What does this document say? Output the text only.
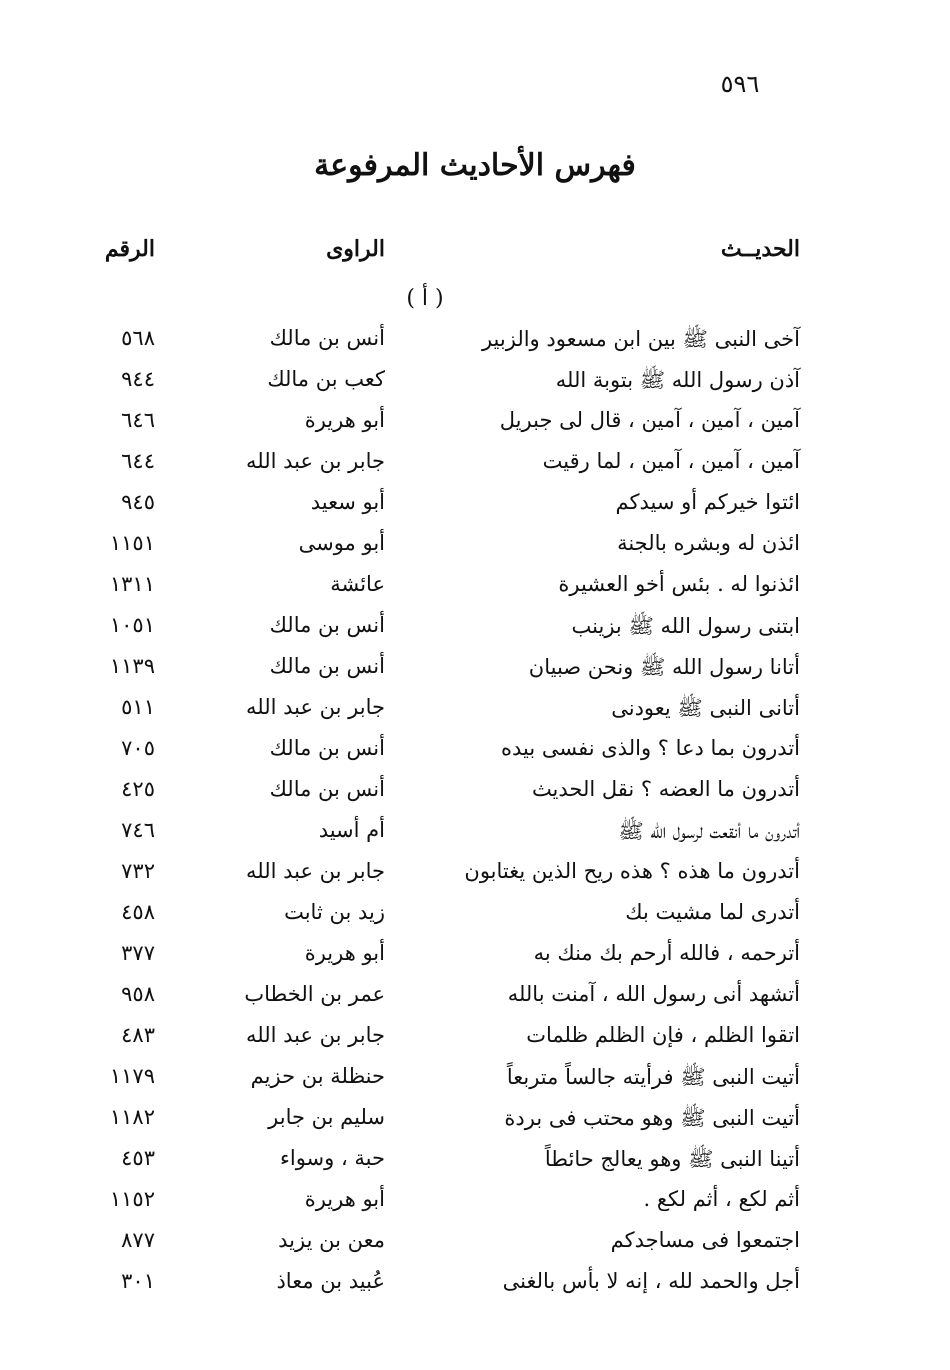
٥٩٦
فهرس الأحاديث المرفوعة
الحديــث
الراوى
الرقم
( أ )
آخى النبى ﷺ بين ابن مسعود والزبير
أنس بن مالك
٥٦٨
آذن رسول الله ﷺ بتوبة الله
كعب بن مالك
٩٤٤
آمين ، آمين ، آمين ، قال لى جبريل
أبو هريرة
٦٤٦
آمين ، آمين ، آمين ، لما رقيت
جابر بن عبد الله
٦٤٤
ائتوا خيركم أو سيدكم
أبو سعيد
٩٤٥
ائذن له وبشره بالجنة
أبو موسى
١١٥١
ائذنوا له . بئس أخو العشيرة
عائشة
١٣١١
ابتنى رسول الله ﷺ بزينب
أنس بن مالك
١٠٥١
أتانا رسول الله ﷺ ونحن صبيان
أنس بن مالك
١١٣٩
أتانى النبى ﷺ يعودنى
جابر بن عبد الله
٥١١
أتدرون بما دعا ؟ والذى نفسى بيده
أنس بن مالك
٧٠٥
أتدرون ما العضه ؟ نقل الحديث
أنس بن مالك
٤٢٥
أتدرون ما أنقعت لرسول الله ﷺ
أم أسيد
٧٤٦
أتدرون ما هذه ؟ هذه ريح الذين يغتابون
جابر بن عبد الله
٧٣٢
أتدرى لما مشيت بك
زيد بن ثابت
٤٥٨
أترحمه ، فالله أرحم بك منك به
أبو هريرة
٣٧٧
أتشهد أنى رسول الله ، آمنت بالله
عمر بن الخطاب
٩٥٨
اتقوا الظلم ، فإن الظلم ظلمات
جابر بن عبد الله
٤٨٣
أتيت النبى ﷺ فرأيته جالساً متربعاً
حنظلة بن حزيم
١١٧٩
أتيت النبى ﷺ وهو محتب فى بردة
سليم بن جابر
١١٨٢
أتينا النبى ﷺ وهو يعالج حائطاً
حبة ، وسواء
٤٥٣
أثم لكع ، أثم لكع .
أبو هريرة
١١٥٢
اجتمعوا فى مساجدكم
معن بن يزيد
٨٧٧
أجل والحمد لله ، إنه لا بأس بالغنى
عُبيد بن معاذ
٣٠١
